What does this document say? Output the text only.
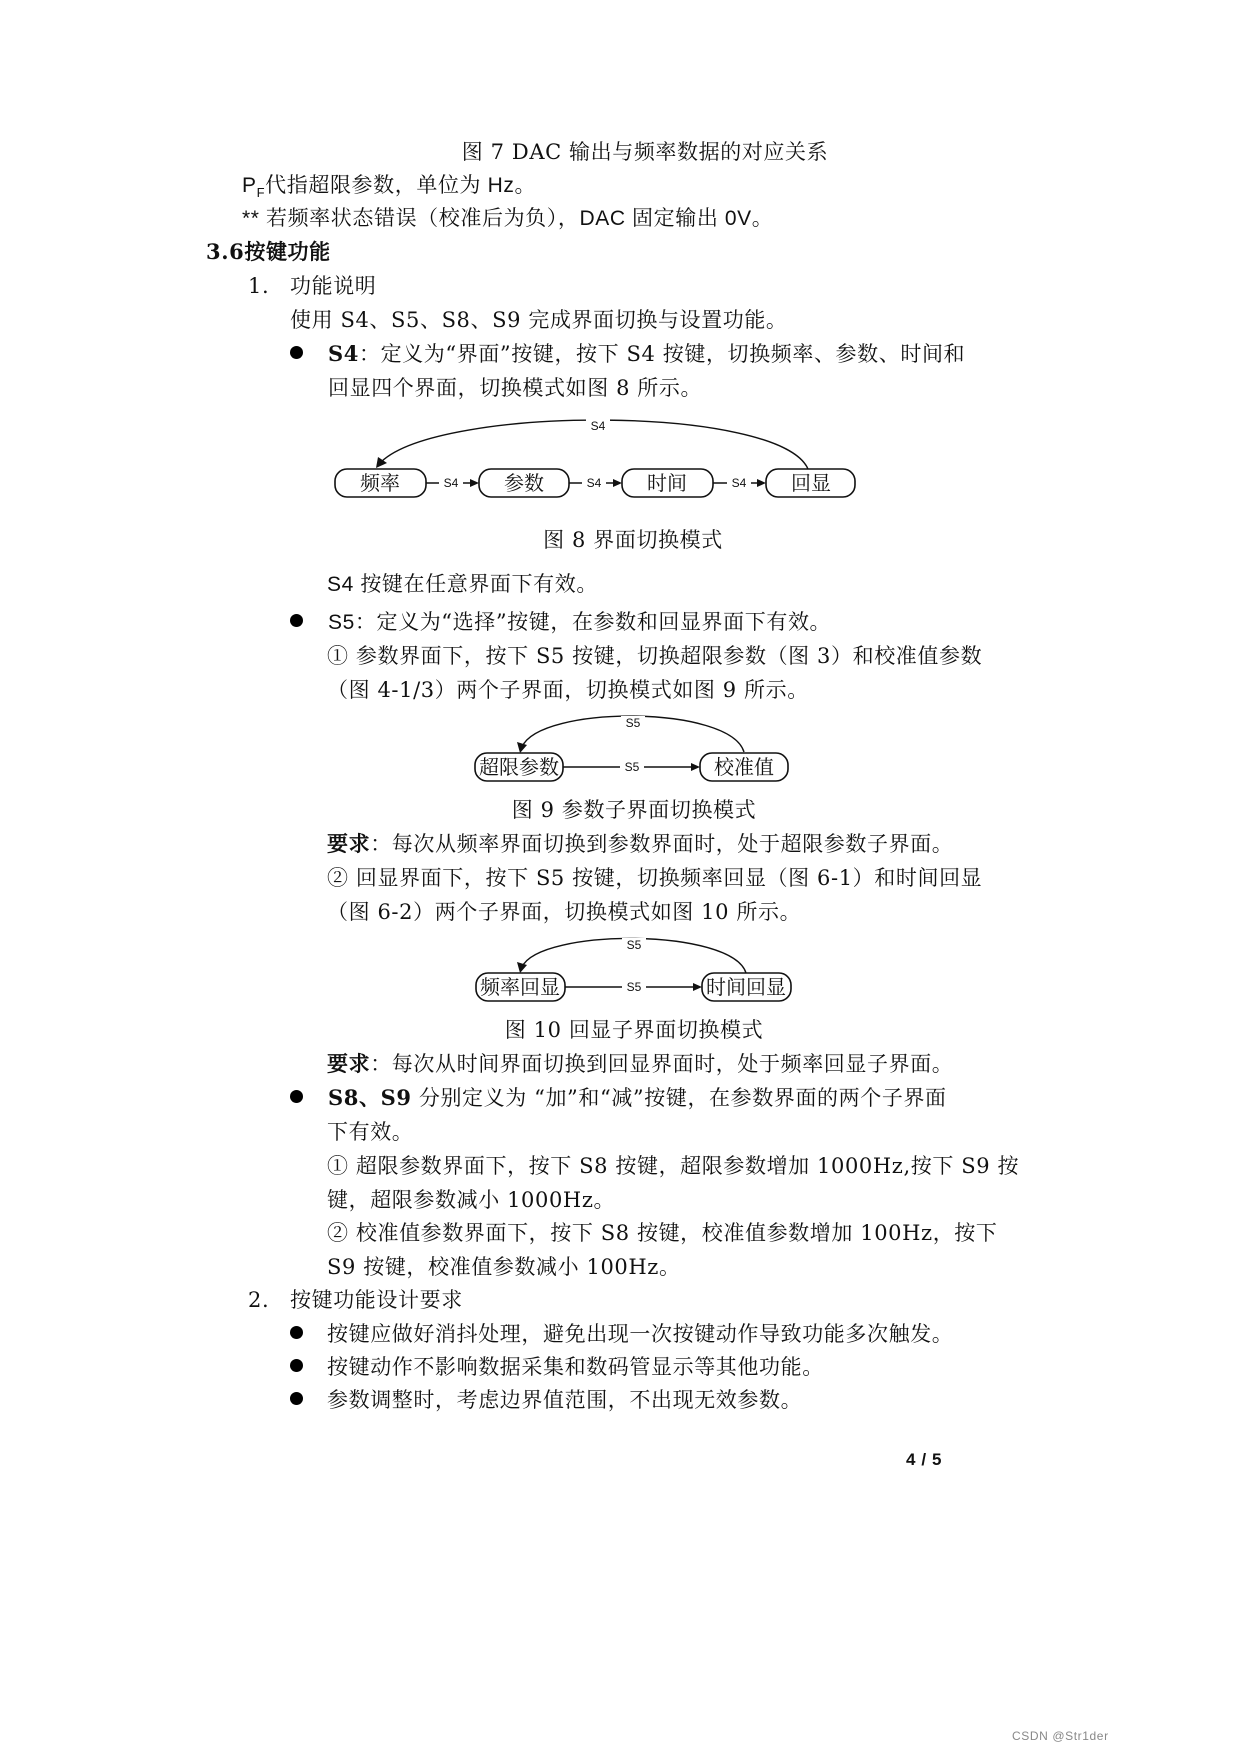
图 7 DAC 输出与频率数据的对应关系
$P_F$代指超限参数，单位为 Hz。
** 若频率状态错误（校准后为负），DAC 固定输出 0V。
3.6按键功能
1. 功能说明
使用 S4、S5、S8、S9 完成界面切换与设置功能。
S4：定义为“界面”按键，按下 S4 按键，切换频率、参数、时间和
回显四个界面，切换模式如图 8 所示。
S4
S4	S4	S4
频率	参数	时间	回显
图 8 界面切换模式
S4 按键在任意界面下有效。
S5：定义为“选择”按键，在参数和回显界面下有效。
① 参数界面下，按下 S5 按键，切换超限参数（图 3）和校准值参数
（图 4-1/3）两个子界面，切换模式如图 9 所示。
S5
S5
超限参数	校准值
图 9 参数子界面切换模式
要求：每次从频率界面切换到参数界面时，处于超限参数子界面。
② 回显界面下，按下 S5 按键，切换频率回显（图 6-1）和时间回显
（图 6-2）两个子界面，切换模式如图 10 所示。
S5
S5
频率回显	时间回显
图 10 回显子界面切换模式
要求：每次从时间界面切换到回显界面时，处于频率回显子界面。
S8、S9 分别定义为 “加”和“减”按键，在参数界面的两个子界面
下有效。
① 超限参数界面下，按下 S8 按键，超限参数增加 1000Hz,按下 S9 按
键，超限参数减小 1000Hz。
② 校准值参数界面下，按下 S8 按键，校准值参数增加 100Hz，按下
S9 按键，校准值参数减小 100Hz。
2. 按键功能设计要求
按键应做好消抖处理，避免出现一次按键动作导致功能多次触发。
按键动作不影响数据采集和数码管显示等其他功能。
参数调整时，考虑边界值范围，不出现无效参数。
4 / 5
CSDN @Str1der
